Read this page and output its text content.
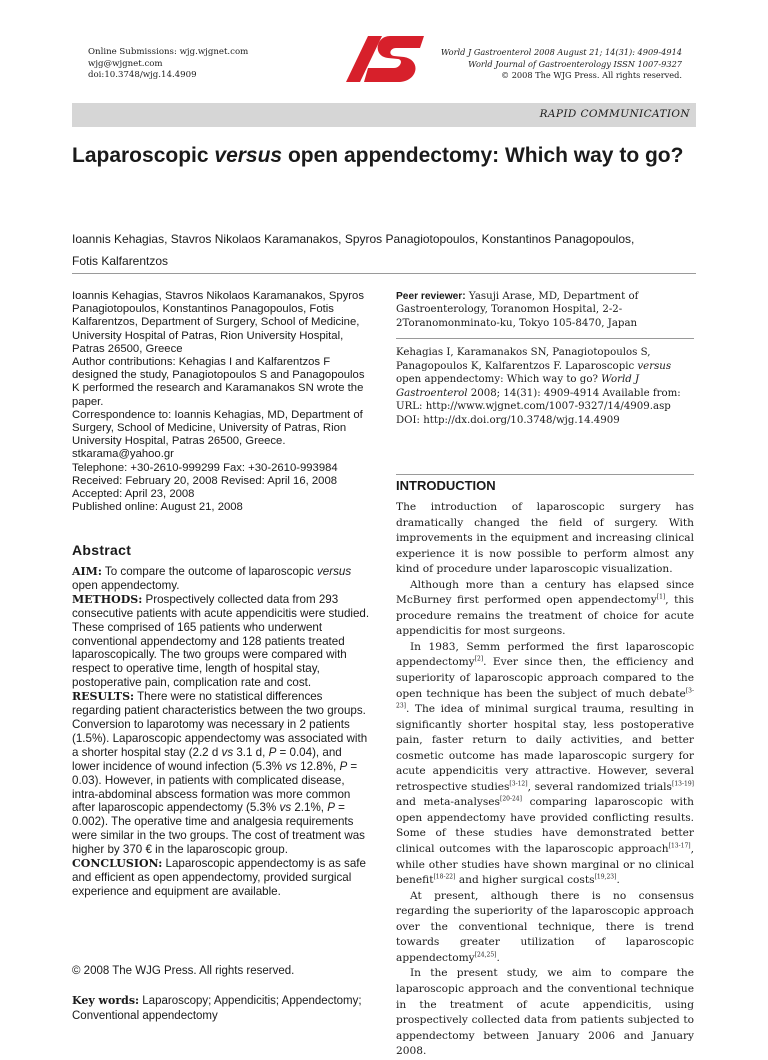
Online Submissions: wjg.wjgnet.com
wjg@wjgnet.com
doi:10.3748/wjg.14.4909
World J Gastroenterol 2008 August 21; 14(31): 4909-4914
World Journal of Gastroenterology ISSN 1007-9327
© 2008 The WJG Press. All rights reserved.
RAPID COMMUNICATION
Laparoscopic versus open appendectomy: Which way to go?
Ioannis Kehagias, Stavros Nikolaos Karamanakos, Spyros Panagiotopoulos, Konstantinos Panagopoulos,
Fotis Kalfarentzos

Ioannis Kehagias, Stavros Nikolaos Karamanakos, Spyros Panagiotopoulos, Konstantinos Panagopoulos, Fotis Kalfarentzos, Department of Surgery, School of Medicine, University Hospital of Patras, Rion University Hospital, Patras 26500, Greece

Author contributions: Kehagias I and Kalfarentzos F designed the study, Panagiotopoulos S and Panagopoulos K performed the research and Karamanakos SN wrote the paper.

Correspondence to: Ioannis Kehagias, MD, Department of Surgery, School of Medicine, University of Patras, Rion University Hospital, Patras 26500, Greece. stkarama@yahoo.gr

Telephone: +30-2610-999299 Fax: +30-2610-993984

Received: February 20, 2008 Revised: April 16, 2008

Accepted: April 23, 2008

Published online: August 21, 2008

Peer reviewer: Yasuji Arase, MD, Department of Gastroenterology, Toranomon Hospital, 2-2-2Toranomonminato-ku, Tokyo 105-8470, Japan
Kehagias I, Karamanakos SN, Panagiotopoulos S, Panagopoulos K, Kalfarentzos F. Laparoscopic versus open appendectomy: Which way to go? World J Gastroenterol 2008; 14(31): 4909-4914 Available from: URL: http://www.wjgnet.com/1007-9327/14/4909.asp DOI: http://dx.doi.org/10.3748/wjg.14.4909
INTRODUCTION

The introduction of laparoscopic surgery has dramatically changed the field of surgery. With improvements in the equipment and increasing clinical experience it is now possible to perform almost any kind of procedure under laparoscopic visualization.

Although more than a century has elapsed since McBurney first performed open appendectomy[1], this procedure remains the treatment of choice for acute appendicitis for most surgeons.

In 1983, Semm performed the first laparoscopic appendectomy[2]. Ever since then, the efficiency and superiority of laparoscopic approach compared to the open technique has been the subject of much debate[3-23]. The idea of minimal surgical trauma, resulting in significantly shorter hospital stay, less postoperative pain, faster return to daily activities, and better cosmetic outcome has made laparoscopic surgery for acute appendicitis very attractive. However, several retrospective studies[3-12], several randomized trials[13-19] and meta-analyses[20-24] comparing laparoscopic with open appendectomy have provided conflicting results. Some of these studies have demonstrated better clinical outcomes with the laparoscopic approach[13-17], while other studies have shown marginal or no clinical benefit[18-22] and higher surgical costs[19,23].

At present, although there is no consensus regarding the superiority of the laparoscopic approach over the conventional technique, there is trend towards greater utilization of laparoscopic appendectomy[24,25].

In the present study, we aim to compare the laparoscopic approach and the conventional technique in the treatment of acute appendicitis, using prospectively collected data from patients subjected to appendectomy between January 2006 and January 2008.

Abstract

AIM: To compare the outcome of laparoscopic versus open appendectomy.

METHODS: Prospectively collected data from 293 consecutive patients with acute appendicitis were studied. These comprised of 165 patients who underwent conventional appendectomy and 128 patients treated laparoscopically. The two groups were compared with respect to operative time, length of hospital stay, postoperative pain, complication rate and cost.

RESULTS: There were no statistical differences regarding patient characteristics between the two groups. Conversion to laparotomy was necessary in 2 patients (1.5%). Laparoscopic appendectomy was associated with a shorter hospital stay (2.2 d vs 3.1 d, P = 0.04), and lower incidence of wound infection (5.3% vs 12.8%, P = 0.03). However, in patients with complicated disease, intra-abdominal abscess formation was more common after laparoscopic appendectomy (5.3% vs 2.1%, P = 0.002). The operative time and analgesia requirements were similar in the two groups. The cost of treatment was higher by 370 € in the laparoscopic group.

CONCLUSION: Laparoscopic appendectomy is as safe and efficient as open appendectomy, provided surgical experience and equipment are available.

© 2008 The WJG Press. All rights reserved.
Key words: Laparoscopy; Appendicitis; Appendectomy; Conventional appendectomy
